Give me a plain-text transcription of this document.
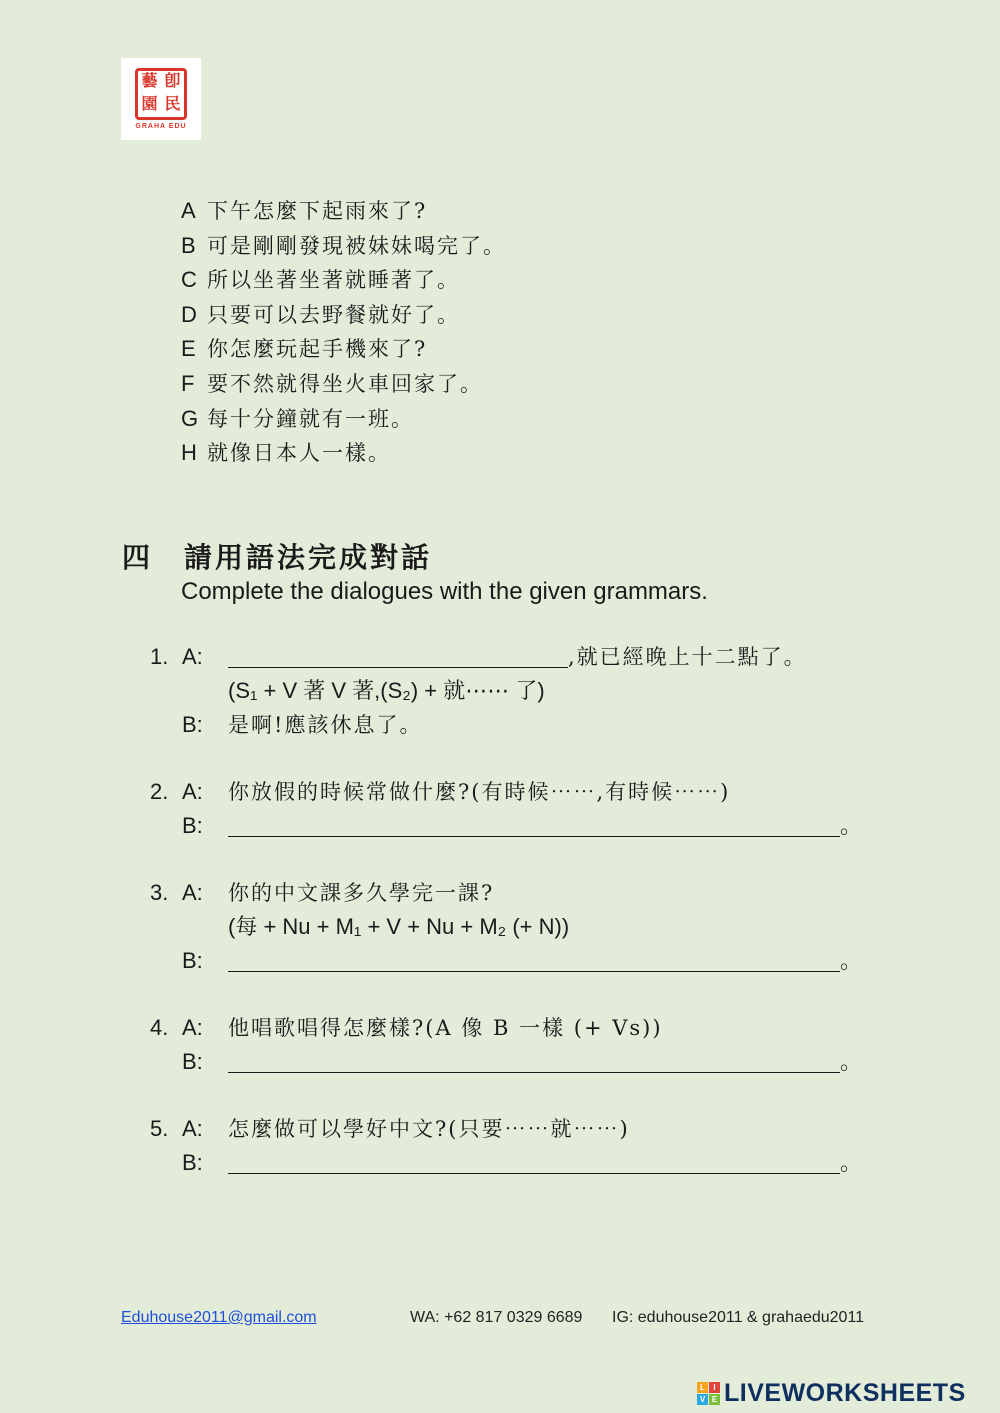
藝 卽
園 民
GRAHA EDU
A 下午怎麼下起雨來了?
B 可是剛剛發現被妹妹喝完了。
C 所以坐著坐著就睡著了。
D 只要可以去野餐就好了。
E 你怎麼玩起手機來了?
F 要不然就得坐火車回家了。
G 每十分鐘就有一班。
H 就像日本人一樣。
四 請用語法完成對話
Complete the dialogues with the given grammars.
1. A:	,就已經晚上十二點了。
(S₁ + V 著 V 著,(S₂) + 就⋯⋯ 了)
B: 是啊!應該休息了。
2. A: 你放假的時候常做什麼?(有時候⋯⋯,有時候⋯⋯)
B:	。
3. A: 你的中文課多久學完一課?
(每 + Nu + M₁ + V + Nu + M₂ (+ N))
B:	。
4. A: 他唱歌唱得怎麼樣?(A 像 B 一樣 (+ Vs))
B:	。
5. A: 怎麼做可以學好中文?(只要⋯⋯就⋯⋯)
B:	。
Eduhouse2011@gmail.com	WA: +62 817 0329 6689 IG: eduhouse2011 & grahaedu2011
L	I
V E LIVEWORKSHEETS
